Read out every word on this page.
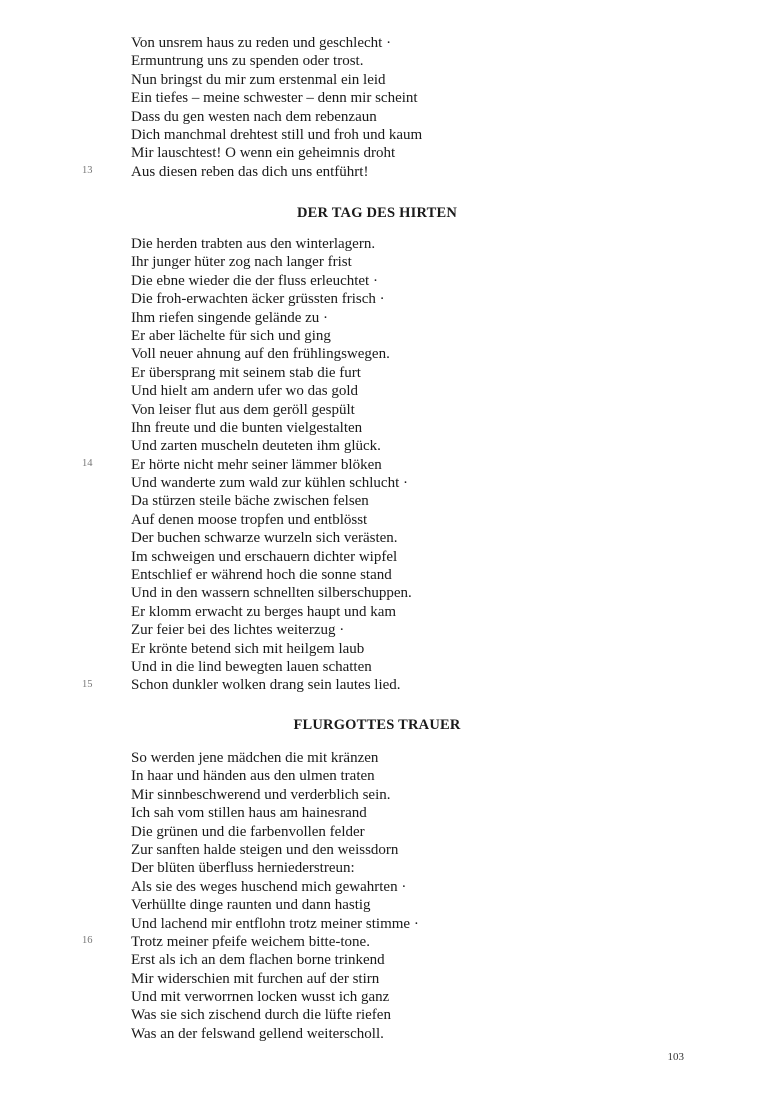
Von unsrem haus zu reden und geschlecht ·
Ermuntrung uns zu spenden oder trost.
Nun bringst du mir zum erstenmal ein leid
Ein tiefes – meine schwester – denn mir scheint
Dass du gen westen nach dem rebenzaun
Dich manchmal drehtest still und froh und kaum
Mir lauschtest! O wenn ein geheimnis droht
Aus diesen reben das dich uns entführt!
13
DER TAG DES HIRTEN
Die herden trabten aus den winterlagern.
Ihr junger hüter zog nach langer frist
Die ebne wieder die der fluss erleuchtet ·
Die froh-erwachten äcker grüssten frisch ·
Ihm riefen singende gelände zu ·
Er aber lächelte für sich und ging
Voll neuer ahnung auf den frühlingswegen.
Er übersprang mit seinem stab die furt
Und hielt am andern ufer wo das gold
Von leiser flut aus dem geröll gespült
Ihn freute und die bunten vielgestalten
Und zarten muscheln deuteten ihm glück.
Er hörte nicht mehr seiner lämmer blöken
Und wanderte zum wald zur kühlen schlucht ·
Da stürzen steile bäche zwischen felsen
Auf denen moose tropfen und entblösst
Der buchen schwarze wurzeln sich verästen.
Im schweigen und erschauern dichter wipfel
Entschlief er während hoch die sonne stand
Und in den wassern schnellten silberschuppen.
Er klomm erwacht zu berges haupt und kam
Zur feier bei des lichtes weiterzug ·
Er krönte betend sich mit heilgem laub
Und in die lind bewegten lauen schatten
Schon dunkler wolken drang sein lautes lied.
14
15
FLURGOTTES TRAUER
So werden jene mädchen die mit kränzen
In haar und händen aus den ulmen traten
Mir sinnbeschwerend und verderblich sein.
Ich sah vom stillen haus am hainesrand
Die grünen und die farbenvollen felder
Zur sanften halde steigen und den weissdorn
Der blüten überfluss herniederstreun:
Als sie des weges huschend mich gewahrten ·
Verhüllte dinge raunten und dann hastig
Und lachend mir entflohn trotz meiner stimme ·
Trotz meiner pfeife weichem bitte-tone.
Erst als ich an dem flachen borne trinkend
Mir widerschien mit furchen auf der stirn
Und mit verworrnen locken wusst ich ganz
Was sie sich zischend durch die lüfte riefen
Was an der felswand gellend weiterscholl.
16
103
